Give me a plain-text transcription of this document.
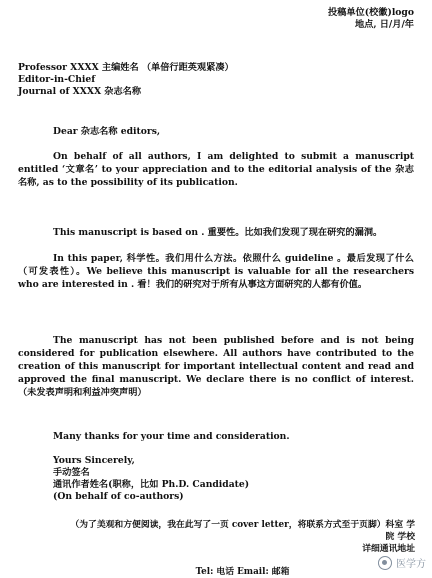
投稿单位(校徽)logo
地点, 日/月/年
Professor XXXX 主编姓名 （单倍行距英观紧凑）
Editor-in-Chief
Journal of XXXX 杂志名称
Dear 杂志名称 editors,
On behalf of all authors, I am delighted to submit a manuscript entitled ‘文章名’ to your appreciation and to the editorial analysis of the 杂志名称, as to the possibility of its publication.
This manuscript is based on . 重要性。比如我们发现了现在研究的漏洞。
In this paper, 科学性。我们用什么方法。依照什么 guideline 。最后发现了什么（可发表性）。We believe this manuscript is valuable for all the researchers who are interested in . 看！我们的研究对于所有从事这方面研究的人都有价值。
The manuscript has not been published before and is not being considered for publication elsewhere. All authors have contributed to the creation of this manuscript for important intellectual content and read and approved the final manuscript. We declare there is no conflict of interest. （未发表声明和利益冲突声明）
Many thanks for your time and consideration.
Yours Sincerely,
手动签名
通讯作者姓名(职称，比如 Ph.D. Candidate)
(On behalf of co-authors)
（为了美观和方便阅读，我在此写了一页 cover letter，将联系方式至于页脚）科室 学院 学校
详细通讯地址
Tel: 电话 Email: 邮箱
医学方
